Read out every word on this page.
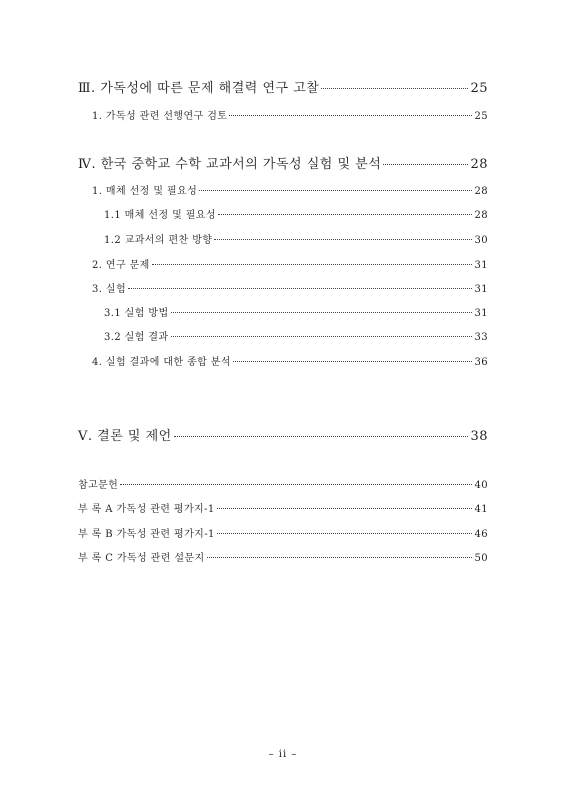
Ⅲ. 가독성에 따른 문제 해결력 연구 고찰	25
1. 가독성 관련 선행연구 검토	25
Ⅳ. 한국 중학교 수학 교과서의 가독성 실험 및 분석	28
1. 매체 선정 및 필요성	28
1.1 매체 선정 및 필요성	28
1.2 교과서의 편찬 방향	30
2. 연구 문제	31
3. 실험	31
3.1 실험 방법	31
3.2 실험 결과	33
4. 실험 결과에 대한 종합 분석	36
Ⅴ. 결론 및 제언	38
참고문헌	40
부 록 A 가독성 관련 평가지-1	41
부 록 B 가독성 관련 평가지-1	46
부 록 C 가독성 관련 설문지	50
– ii –
